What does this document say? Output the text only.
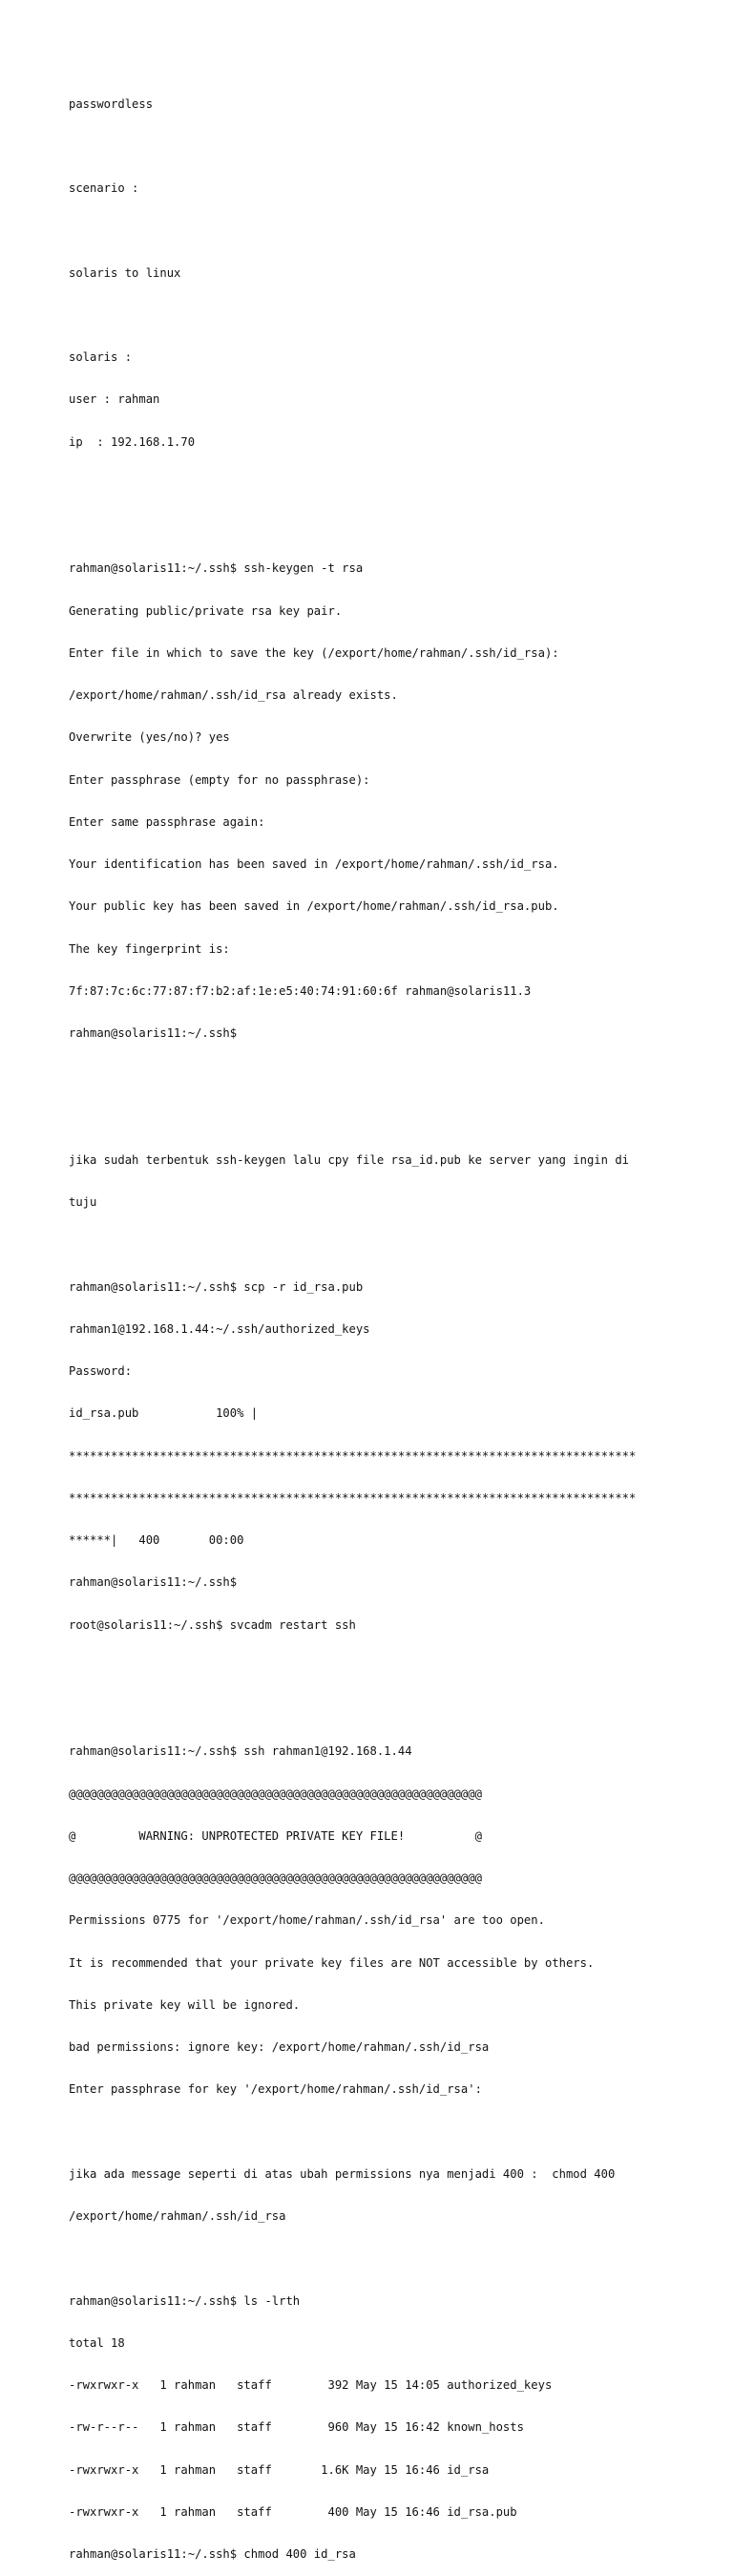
passwordless

scenario :

solaris to linux

solaris :

user : rahman

ip  : 192.168.1.70

rahman@solaris11:~/.ssh$ ssh-keygen -t rsa

Generating public/private rsa key pair.

Enter file in which to save the key (/export/home/rahman/.ssh/id_rsa):

/export/home/rahman/.ssh/id_rsa already exists.

Overwrite (yes/no)? yes

Enter passphrase (empty for no passphrase):

Enter same passphrase again:

Your identification has been saved in /export/home/rahman/.ssh/id_rsa.

Your public key has been saved in /export/home/rahman/.ssh/id_rsa.pub.

The key fingerprint is:

7f:87:7c:6c:77:87:f7:b2:af:1e:e5:40:74:91:60:6f rahman@solaris11.3

rahman@solaris11:~/.ssh$

jika sudah terbentuk ssh-keygen lalu cpy file rsa_id.pub ke server yang ingin di

tuju

rahman@solaris11:~/.ssh$ scp -r id_rsa.pub

rahman1@192.168.1.44:~/.ssh/authorized_keys

Password:

id_rsa.pub           100% |

*********************************************************************************

*********************************************************************************

******|   400       00:00

rahman@solaris11:~/.ssh$

root@solaris11:~/.ssh$ svcadm restart ssh

rahman@solaris11:~/.ssh$ ssh rahman1@192.168.1.44

@@@@@@@@@@@@@@@@@@@@@@@@@@@@@@@@@@@@@@@@@@@@@@@@@@@@@@@@@@@

@         WARNING: UNPROTECTED PRIVATE KEY FILE!          @

@@@@@@@@@@@@@@@@@@@@@@@@@@@@@@@@@@@@@@@@@@@@@@@@@@@@@@@@@@@

Permissions 0775 for '/export/home/rahman/.ssh/id_rsa' are too open.

It is recommended that your private key files are NOT accessible by others.

This private key will be ignored.

bad permissions: ignore key: /export/home/rahman/.ssh/id_rsa

Enter passphrase for key '/export/home/rahman/.ssh/id_rsa':

jika ada message seperti di atas ubah permissions nya menjadi 400 :  chmod 400

/export/home/rahman/.ssh/id_rsa

rahman@solaris11:~/.ssh$ ls -lrth

total 18

-rwxrwxr-x   1 rahman   staff        392 May 15 14:05 authorized_keys

-rw-r--r--   1 rahman   staff        960 May 15 16:42 known_hosts

-rwxrwxr-x   1 rahman   staff       1.6K May 15 16:46 id_rsa

-rwxrwxr-x   1 rahman   staff        400 May 15 16:46 id_rsa.pub

rahman@solaris11:~/.ssh$ chmod 400 id_rsa
